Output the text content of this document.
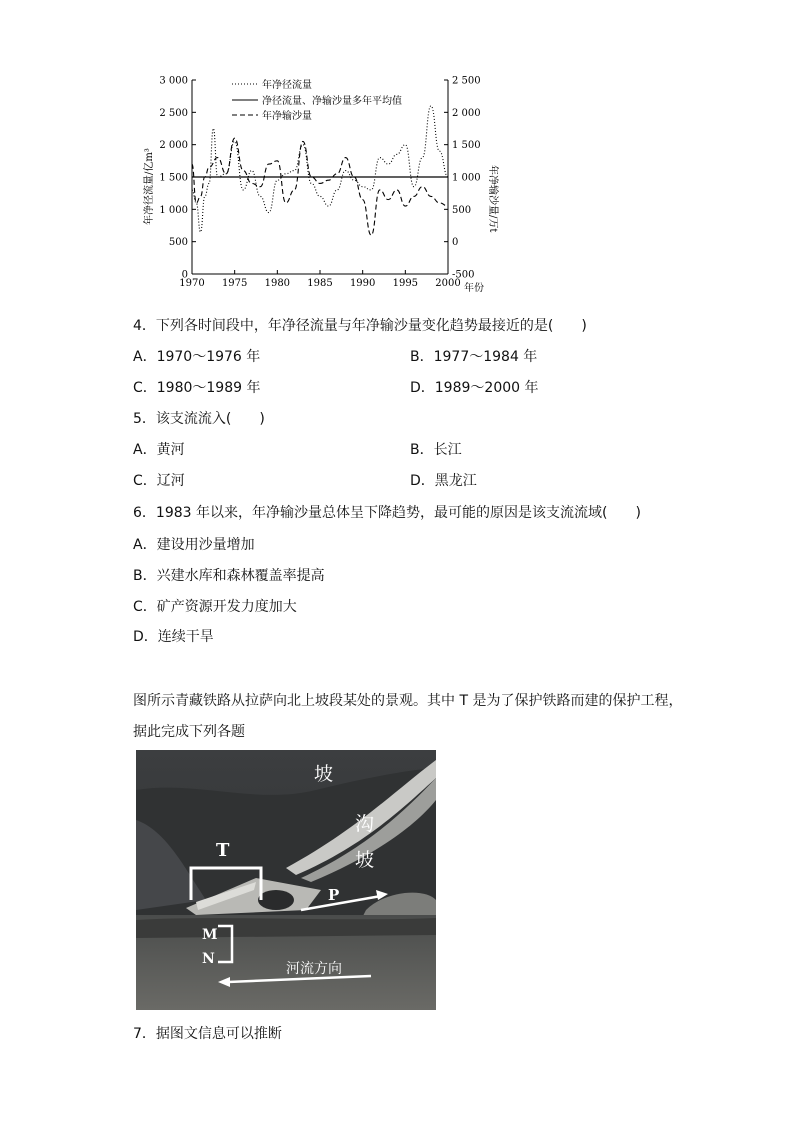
1970 1975 1980 1985 1990 1995 2000
0
500
1 000
1 500
2 000
2 500
3 000
-500
0
500
1 000
1 500
2 000
2 500
年净径流量/亿m³	年净输沙量/万t
年份
年净径流量
净径流量、净输沙量多年平均值
年净输沙量
4．下列各时间段中，年净径流量与年净输沙量变化趋势最接近的是(　　)
A．1970～1976 年	B．1977～1984 年
C．1980～1989 年	D．1989～2000 年
5．该支流流入(　　)
A．黄河	B．长江
C．辽河	D．黑龙江
6．1983 年以来，年净输沙量总体呈下降趋势，最可能的原因是该支流流域(　　)
A．建设用沙量增加
B．兴建水库和森林覆盖率提高
C．矿产资源开发力度加大
D．连续干旱
图所示青藏铁路从拉萨向北上坡段某处的景观。其中 T 是为了保护铁路而建的保护工程，
据此完成下列各题
T
P
M
N
河流方向
坡
沟
坡
7．据图文信息可以推断
